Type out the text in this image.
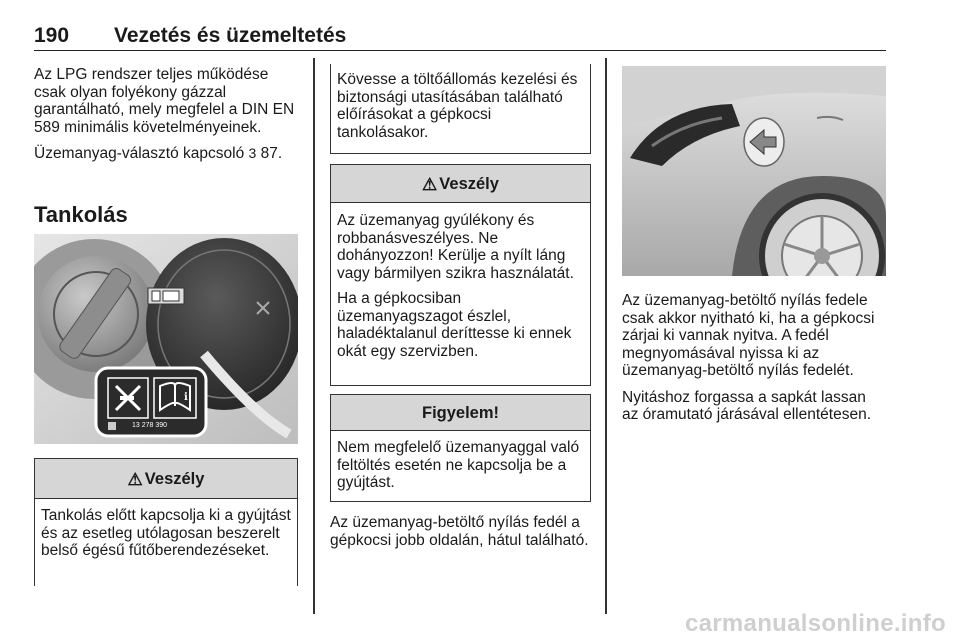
190 Vezetés és üzemeltetés

Az LPG rendszer teljes működése csak olyan folyékony gázzal garantálható, mely megfelel a DIN EN 589 minimális követelményeinek.

Üzemanyag-választó kapcsoló 3 87.

Tankolás
i
13 278 390
⚠ Veszély

Tankolás előtt kapcsolja ki a gyújtást és az esetleg utólagosan beszerelt belső égésű fűtőberendezéseket.

Kövesse a töltőállomás kezelési és biztonsági utasításában található előírásokat a gépkocsi tankolásakor.

⚠ Veszély

Az üzemanyag gyúlékony és robbanásveszélyes. Ne dohányozzon! Kerülje a nyílt láng vagy bármilyen szikra használatát.

Ha a gépkocsiban üzemanyagszagot észlel, haladéktalanul deríttesse ki ennek okát egy szervizben.

Figyelem!

Nem megfelelő üzemanyaggal való feltöltés esetén ne kapcsolja be a gyújtást.

Az üzemanyag-betöltő nyílás fedél a gépkocsi jobb oldalán, hátul található.

Az üzemanyag-betöltő nyílás fedele csak akkor nyitható ki, ha a gépkocsi zárjai ki vannak nyitva. A fedél megnyomásával nyissa ki az üzemanyag-betöltő nyílás fedelét.

Nyitáshoz forgassa a sapkát lassan az óramutató járásával ellentétesen.

carmanualsonline.info
